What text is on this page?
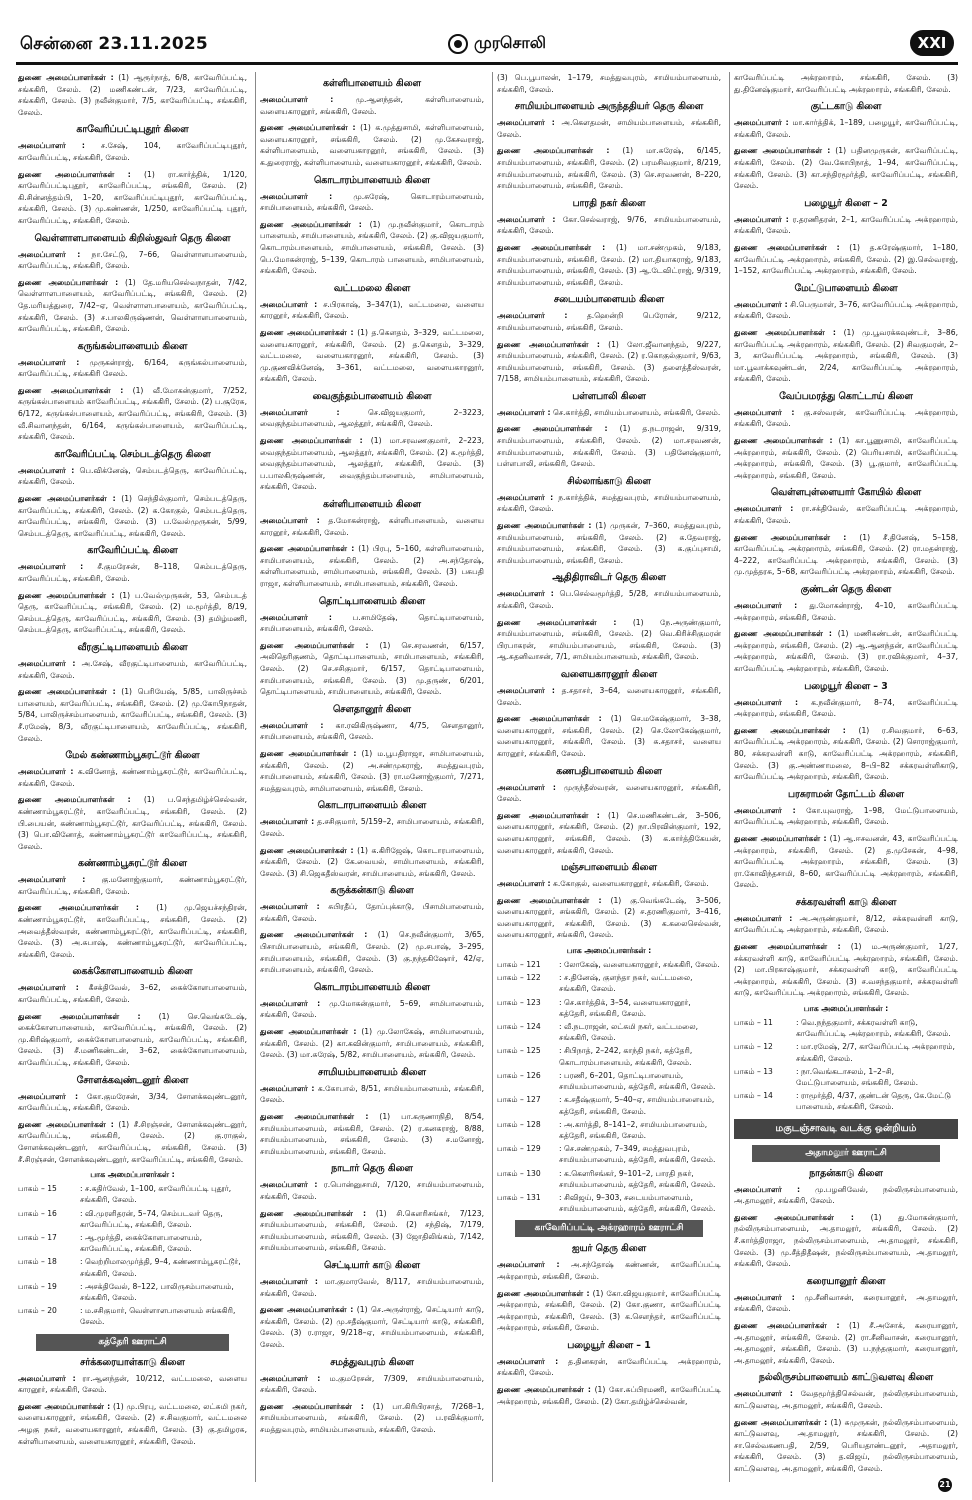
சென்னை 23.11.2025	முரசொலி	XXI

துணை அமைப்பாளர்கள் : (1) ஆரூர்நாத், 6/8, காவேரிப்பட்டி, சங்ககிரி, சேலம். (2) மணிகண்டன், 7/23, காவேரிப்பட்டி, சங்ககிரி, சேலம். (3) நவீன்குமார், 7/5, காவேரிப்பட்டி, சங்ககிரி, சேலம்.

காவேரிப்பட்டிபுதூர் கிளை

அமைப்பாளர் : ச.சேஷ், 104, காவேரிப்பட்டிபுதூர், காவேரிப்பட்டி, சங்ககிரி, சேலம்.

துணை அமைப்பாளர்கள் : (1) ரா.கார்த்திக், 1/120, காவேரிப்பட்டிபுதூர், காவேரிப்பட்டி, சங்ககிரி, சேலம். (2) கி.சின்னத்தம்பி, 1–20, காவேரிப்பட்டிபுதூர், காவேரிப்பட்டி, சங்ககிரி, சேலம். (3) மு.கண்ணன், 1/250, காவேரிப்பட்டி புதூர், காவேரிப்பட்டி, சங்ககிரி, சேலம்.

வெள்ளாளபாளையம் கிறிஸ்துவர் தெரு கிளை

அமைப்பாளர் : நா.சேட்டு, 7–66, வெள்ளாளபாளையம், காவேரிப்பட்டி, சங்ககிரி, சேலம்.

துணை அமைப்பாளர்கள் : (1) தே.மரியசெல்வநாதன், 7/42, வெள்ளாளபாளையம், காவேரிப்பட்டி, சங்ககிரி, சேலம். (2) தே.மரியத்துரை, 7/42–ஏ, வெள்ளாளபாளையம், காவேரிப்பட்டி, சங்ககிரி, சேலம். (3) ச.பாலகிருஷ்ணன், வெள்ளாளபாளையம், காவேரிப்பட்டி, சங்ககிரி, சேலம்.

கருங்கல்பாளையம் கிளை

அமைப்பாளர் : முருகன்ராஜ், 6/164, கருங்கல்பாளையம், காவேரிப்பட்டி, சங்ககிரி சேலம்.

துணை அமைப்பாளர்கள் : (1) வீ.மோகன்குமார், 7/252, கருங்கல்பாளையம் காவேரிப்பட்டி, சங்ககிரி, சேலம். (2) ப.சூரேசு, 6/172, கருங்கல்பாளையம், காவேரிப்பட்டி, சங்ககிரி, சேலம். (3) வீ.சிவானந்தன், 6/164, கருங்கல்பாளையம், காவேரிப்பட்டி, சங்ககிரி, சேலம்.

காவேரிப்பட்டி செம்படத்தெரு கிளை

அமைப்பாளர் : பெ.விக்னேஷ், செம்படத்தெரு, காவேரிப்பட்டி, சங்ககிரி, சேலம்.

துணை அமைப்பாளர்கள் : (1) செந்தில்குமார், செம்படத்தெரு, காவேரிப்பட்டி, சங்ககிரி, சேலம். (2) க.கோகுல், செம்படத்தெரு, காவேரிப்பட்டி, சங்ககிரி, சேலம். (3) ப.வேல்முருகன், 5/99, செம்படத்தெரு, காவேரிப்பட்டி, சங்ககிரி, சேலம்.

காவேரிப்பட்டி கிளை

அமைப்பாளர் : சீ.குமரேசன், 8–118, செம்படத்தெரு, காவேரிப்பட்டி, சங்ககிரி, சேலம்.

துணை அமைப்பாளர்கள் : (1) ப.வேல்முருகன், 53, செம்படத் தெரு, காவேரிப்பட்டி, சங்ககிரி, சேலம். (2) ம.மூர்த்தி, 8/19, செம்படத்தெரு, காவேரிப்பட்டி, சங்ககிரி, சேலம். (3) தமிழ்மணி, செம்படத்தெரு, காவேரிப்பட்டி, சங்ககிரி, சேலம்.

வீரகுட்டிபாளையம் கிளை

அமைப்பாளர் : அ.சேஷ், வீரகுட்டிபாளையம், காவேரிப்பட்டி, சங்ககிரி, சேலம்.

துணை அமைப்பாளர்கள் : (1) பெரியேஷ், 5/85, பாலிருச்சம் பாளையம், காவேரிப்பட்டி, சங்ககிரி, சேலம். (2) மு.கோபிநாதன், 5/84, பாலிருச்சம்பாளையம், காவேரிப்பட்டி, சங்ககிரி, சேலம். (3) சீ.ரமேஷ், 8/3, வீரகுட்டிபாளையம், காவேரிப்பட்டி, சங்ககிரி, சேலம்.

மேல் கண்ணாம்பூசுரட்டூர் கிளை

அமைப்பாளர் : க.வினோத், கண்ணாம்பூசுரட்டூர், காவேரிப்பட்டி, சங்ககிரி, சேலம்.

துணை அமைப்பாளர்கள் : (1) ப.செந்தமிழ்ச்செல்வன், கண்ணாம்பூசுரட்டூர், காவேரிப்பட்டி, சங்ககிரி, சேலம். (2) பி.பையன், கண்ணாம்பூசுரட்டூர், காவேரிப்பட்டி, சங்ககிரி, சேலம். (3) பொ.வினோத், கண்ணாம்பூசுரட்டூர் காவேரிப்பட்டி, சங்ககிரி, சேலம்.

கண்ணாம்பூசுரட்டூர் கிளை

அமைப்பாளர் : கு.மனோஜ்குமார், கண்ணாம்பூசுரட்டூர், காவேரிப்பட்டி, சங்ககிரி, சேலம்.

துணை அமைப்பாளர்கள் : (1) மு.ஜெயச்சந்திரன், கண்ணாம்பூசுரட்டூர், காவேரிப்பட்டி, சங்ககிரி, சேலம். (2) அவைத்தீஸ்வரன், கண்ணாம்பூசுரட்டூர், காவேரிப்பட்டி, சங்ககிரி, சேலம். (3) அ.சுபாஷ், கண்ணாம்பூசுரட்டூர், காவேரிப்பட்டி, சங்ககிரி, சேலம்.

கைக்கோளபாளையம் கிளை

அமைப்பாளர் : கீசக்திவேல், 3–62, கைக்கோளபாளையம், காவேரிப்பட்டி, சங்ககிரி, சேலம்.

துணை அமைப்பாளர்கள் : (1) செ.வெங்கடேஷ், கைக்கோளபாளையம், காவேரிப்பட்டி, சங்ககிரி, சேலம். (2) மு.கிரிஷ்குமார், கைக்கோளபாளையம், காவேரிப்பட்டி, சங்ககிரி, சேலம். (3) சீ.மணிகண்டன், 3–62, கைக்கோளபாளையம், காவேரிப்பட்டி, சங்ககிரி, சேலம்.

சோளக்கவுண்டனூர் கிளை

அமைப்பாளர் : கோ.குமரேசன், 3/34, சோளக்கவுண்டனூர், காவேரிப்பட்டி, சங்ககிரி, சேலம்.

துணை அமைப்பாளர்கள் : (1) சீ.சிரஞ்சன், சோளக்கவுண்டனூர், காவேரிப்பட்டி, சங்ககிரி, சேலம். (2) கு.ராகுல், சோளக்கவுண்டனூர், காவேரிப்பட்டி, சங்ககிரி, சேலம். (3) சீ.சிரஞ்சன், சோளக்கவுண்டனூர், காவேரிப்பட்டி, சங்ககிரி, சேலம்.

பாக அமைப்பாளர்கள் :
பாகம் – 15	: ச.கதிர்வேல், 1–100, காவேரிப்பட்டி புதூர், சங்ககிரி, சேலம்.
பாகம் – 16	: வி.முரளிதரன், 5–74, செம்படவர் தெரு, காவேரிப்பட்டி, சங்ககிரி, சேலம்.
பாகம் – 17	: ஆ.மூர்த்தி, கைக்கோளபாளையம், காவேரிப்பட்டி, சங்ககிரி, சேலம்.
பாகம் – 18	: வெற்றிமாலமுர்த்தி, 9–4, கண்ணாம்பூசுரட்டூர், சங்ககிரி, சேலம்.
பாகம் – 19	: அசக்திவேல், 8–122, பாலிருசம்பாளையம், சங்ககிரி, சேலம்.
பாகம் – 20	: ம.சசிகுமார், வெள்ளாளபாளையம் சங்ககிரி, சேலம்.
கத்தேரி ஊராட்சி
சர்க்கரையாள்காடு கிளை

அமைப்பாளர் : ரா.ஆனந்தன், 10/212, வட்டமலை, வளைய காரனூர், சங்ககிரி, சேலம்.

துணை அமைப்பாளர்கள் : (1) மு.பிரபு, வட்டமலை, லட்சுமி நகர், வளையகாரனூர், சங்ககிரி, சேலம். (2) ச.சிவகுமார், வட்டமலை அழகு நகர், வளையகாரனூர், சங்ககிரி, சேலம். (3) கு.தமிழரசு, கள்ளிபாளையம், வளையகாரனூர், சங்ககிரி, சேலம்.

கள்ளிபாளையம் கிளை

அமைப்பாளர் :	மு.ஆனந்தன், கள்ளிபாளையம், வளையகாரனூர், சங்ககிரி, சேலம்.

துணை அமைப்பாளர்கள் : (1) க.முத்துசாமி, கள்ளிபாளையம், வளையகாரனூர், சங்ககிரி, சேலம். (2) மு.கேசவராஜ், கள்ளிபாளையம், வளையகாரனூர், சங்ககிரி, சேலம். (3) க.துரைராஜ், கள்ளிபாளையம், வளையகாரனூர், சங்ககிரி, சேலம்.

கொடாரம்பாளையம் கிளை

அமைப்பாளர் :	மு.சுரேஷ், கொடாரம்பாளையம், சாமிபாளையம், சங்ககிரி, சேலம்.

துணை அமைப்பாளர்கள் : (1) மு.நவீன்குமார், கொடாரம் பாளையம், சாமிபாளையம், சங்ககிரி, சேலம். (2) கு.விஜயகுமார், கொடாரம்பாளையம், சாமிபாளையம், சங்ககிரி, சேலம். (3) பெ.மோகன்ராஜ், 5–139, கொடாரம் பாளையம், சாமிபாளையம், சங்ககிரி, சேலம்.

வட்டமலை கிளை

அமைப்பாளர் : ச.பிரகாஷ், 3–347(1), வட்டமலை, வளைய காரனூர், சங்ககிரி, சேலம்.

துணை அமைப்பாளர்கள் : (1) த.கௌதம், 3–329, வட்டமலை, வளையகாரனூர், சங்ககிரி, சேலம். (2) த.கௌதம், 3–329, வட்டமலை, வளையகாரனூர், சங்ககிரி, சேலம். (3) மு.குணவிக்னேஷ், 3–361, வட்டமலை, வளையகாரனூர், சங்ககிரி, சேலம்.

வைகுந்தம்பாளையம் கிளை

அமைப்பாளர் :	செ.விஜயகுமார், 2–3223, வைகுந்தம்பாளையம், ஆலத்தூர், சங்ககிரி, சேலம்.

துணை அமைப்பாளர்கள் : (1) மா.சரவணகுமார், 2–223, வைகுந்தம்பாளையம், ஆலத்தூர், சங்ககிரி, சேலம். (2) க.மூர்த்தி, வைகுந்தம்பாளையம், ஆலத்தூர், சங்ககிரி, சேலம். (3) ப.பாலகிருஷ்ணன், வைகுந்தம்பாளையம், சாமிபாளையம், சங்ககிரி, சேலம்.

கள்ளிபாளையம் கிளை

அமைப்பாளர் : த.மோகன்ராஜ், கள்ளிபாளையம், வளைய காரனூர், சங்ககிரி, சேலம்.

துணை அமைப்பாளர்கள் : (1) பிரபு, 5–160, கள்ளிபாளையம், சாமிபாளையம், சங்ககிரி, சேலம். (2) அ.சந்தோஷ், கள்ளிபாளையம், சாமிபாளையம், சங்ககிரி, சேலம். (3) பசுபதி ராஜா, கள்ளிபாளையம், சாமிபாளையம், சங்ககிரி, சேலம்.

தொட்டிபாளையம் கிளை

அமைப்பாளர் :	ப.சாமிதேஷ், தொட்டிபாளையம், சாமிபாளையம், சங்ககிரி, சேலம்.

துணை அமைப்பாளர்கள் : (1) செ.சரவணன், 6/157, அலிதெரிகுணம், தொட்டிபாளையம், சாமிபாளையம், சங்ககிரி, சேலம். (2) செ.சசிகுமார், 6/157, தொட்டிபாளையம், சாமிபாளையம், சங்ககிரி, சேலம். (3) மு.தருண், 6/201, தொட்டிபாளையம், சாமிபாளையம், சங்ககிரி, சேலம்.

சௌதானூர் கிளை

அமைப்பாளர் : கா.ரவிகிருஷ்ணா, 4/75, சௌதானூர், சாமிபாளையம், சங்ககிரி, சேலம்.

துணை அமைப்பாளர்கள் : (1) ம.பூபதிராஜா, சாமிபாளையம், சங்ககிரி, சேலம். (2) அ.சண்முகராஜ், சமத்துவபுரம், சாமிபாளையம், சங்ககிரி, சேலம். (3) ரா.மனோஜ்குமார், 7/271, சமத்துவபுரம், சாமிபாளையம், சங்ககிரி, சேலம்.

கொடாரபாளையம் கிளை

அமைப்பாளர் : த.சசிகுமார், 5/159–2, சாமிபாளையம், சங்ககிரி, சேலம்.

துணை அமைப்பாளர்கள் : (1) க.கிரிஜேஷ், கொடாரபாளையம், சங்ககிரி, சேலம். (2) கே.வையல், சாமிபாளையம், சங்ககிரி, சேலம். (3) சி.ஜெகதீஸ்வரன், சாமிபாளையம், சங்ககிரி, சேலம்.

கருக்கன்காடு கிளை

அமைப்பாளர் : சுபிரதீப், தோப்புக்காடு, பிசாமிபாளையம், சங்ககிரி, சேலம்.

துணை அமைப்பாளர்கள் : (1) செ.நவீன்குமார், 3/65, பிசாமிபாளையம், சங்ககிரி, சேலம். (2) மு.சபாஷ், 3–295, சாமிபாளையம், சங்ககிரி, சேலம். (3) கு.நந்தகிஷோர், 42/ஏ, சாமிபாளையம், சங்ககிரி, சேலம்.

கொடாரம்பாளையம் கிளை

அமைப்பாளர் : மு.மோகன்குமார், 5–69, சாமிபாளையம், சங்ககிரி, சேலம்.

துணை அமைப்பாளர்கள் : (1) மு.லோகேஷ், சாமிபாளையம், சங்ககிரி, சேலம். (2) கா.கவின்குமார், சாமிபாளையம், சங்ககிரி, சேலம். (3) மா.சுரேஷ், 5/82, சாமிபாளையம், சங்ககிரி, சேலம்.

சாமியம்பாளையம் கிளை

அமைப்பாளர் : க.கோபால், 8/51, சாமியம்பாளையம், சங்ககிரி, சேலம்.

துணை அமைப்பாளர்கள் : (1) பா.கருணாநிதி, 8/54, சாமியம்பாளையம், சங்ககிரி, சேலம். (2) ர.கனகராஜ், 8/88, சாமியம்பாளையம், சங்ககிரி, சேலம். (3) ச.மனோஜ், சாமியம்பாளையம், சங்ககிரி, சேலம்.

நாடார் தெரு கிளை

அமைப்பாளர் : ர.பொன்னுசாமி, 7/120, சாமியம்பாளையம், சங்ககிரி, சேலம்.

துணை அமைப்பாளர்கள் : (1) சி.கௌரிசங்கர், 7/123, சாமியம்பாளையம், சங்ககிரி, சேலம். (2) சந்திஷ், 7/179, சாமியம்பாளையம், சங்ககிரி, சேலம். (3) ஜோதிலிங்கம், 7/142, சாமியம்பாளையம், சங்ககிரி, சேலம்.

செட்டியார் காடு கிளை

அமைப்பாளர் : மா.குமாரவேல், 8/117, சாமியம்பாளையம், சங்ககிரி, சேலம்.

துணை அமைப்பாளர்கள் : (1) செ.அருள்ராஜ், செட்டியார் காடு, சங்ககிரி, சேலம். (2) மு.சதீஷ்குமார், செட்டியார் காடு, சங்ககிரி, சேலம். (3) ர.ராஜா, 9/218–ஏ, சாமியம்பாளையம், சங்ககிரி, சேலம்.

சமத்துவபுரம் கிளை

அமைப்பாளர் : ம.குமரேசன், 7/309, சாமியம்பாளையம், சங்ககிரி, சேலம்.

துணை அமைப்பாளர்கள் : (1) பா.கிரிபிரசாத், 7/268–1, சாமியம்பாளையம், சங்ககிரி, சேலம். (2) ப.ரவிக்குமார், சமத்துவபுரம், சாமியம்பாளையம், சங்ககிரி, சேலம்.

(3) பெ.பூபாலன், 1–179, சமத்துவபுரம், சாமியம்பாளையம், சங்ககிரி, சேலம்.

சாமியம்பாளையம் அருந்ததியர் தெரு கிளை

அமைப்பாளர் : அ.கௌதமன், சாமியம்பாளையம், சங்ககிரி, சேலம்.

துணை அமைப்பாளர்கள் : (1) மா.சுரேஷ், 6/145, சாமியம்பாளையம், சங்ககிரி, சேலம். (2) பரமசிவகுமார், 8/219, சாமியம்பாளையம், சங்ககிரி, சேலம். (3) செ.சரவணன், 8–220, சாமியம்பாளையம், சங்ககிரி, சேலம்.

பாரதி நகர் கிளை

அமைப்பாளர் : கோ.செல்வராஜ், 9/76, சாமியம்பாளையம், சங்ககிரி, சேலம்.

துணை அமைப்பாளர்கள் : (1) மா.சண்முகம், 9/183, சாமியம்பாளையம், சங்ககிரி, சேலம். (2) மா.தியாகராஜ், 9/183, சாமியம்பாளையம், சங்ககிரி, சேலம். (3) ஆ.டேவிட்ராஜ், 9/319, சாமியம்பாளையம், சங்ககிரி, சேலம்.

சடையம்பாளையம் கிளை

அமைப்பாளர் :	த.ஹென்றி பெரோன், 9/212, சாமியம்பாளையம், சங்ககிரி, சேலம்.

துணை அமைப்பாளர்கள் : (1) லோ.ஜீவானந்தம், 9/227, சாமியம்பாளையம், சங்ககிரி, சேலம். (2) ர.கொகுல்குமார், 9/63, சாமியம்பாளையம், சங்ககிரி, சேலம். (3) தளைத்தீஸ்வரன், 7/158, சாமியம்பாளையம், சங்ககிரி, சேலம்.

பள்ளபாலி கிளை

அமைப்பாளர் : செ.கார்த்தி, சாமியம்பாளையம், சங்ககிரி, சேலம்.

துணை அமைப்பாளர்கள் : (1) த.நடராஜன், 9/319, சாமியம்பாளையம், சங்ககிரி, சேலம். (2) மா.சரவணன், சாமியம்பாளையம், சங்ககிரி, சேலம். (3) பதினேஷ்குமார், பள்ளபாலி, சங்ககிரி, சேலம்.

சில்லாங்காடு கிளை

அமைப்பாளர் : ந.கார்த்திக், சமத்துவபுரம், சாமியம்பாளையம், சங்ககிரி, சேலம்.

துணை அமைப்பாளர்கள் : (1) முருகன், 7–360, சமத்துவபுரம், சாமியம்பாளையம், சங்ககிரி, சேலம். (2) க.தேவராஜ், சாமியம்பாளையம், சங்ககிரி, சேலம். (3) க.குப்புசாமி, சாமியம்பாளையம், சங்ககிரி, சேலம்.

ஆதிதிராவிடர் தெரு கிளை

அமைப்பாளர் : பெ.செல்வமூர்த்தி, 5/28, சாமியம்பாளையம், சங்ககிரி, சேலம்.

துணை அமைப்பாளர்கள் : (1) நே.அருண்குமார், சாமியம்பாளையம், சங்ககிரி, சேலம். (2) வெ.கிரிச்சிகுமரன் பிரபாகரன், சாமியம்பாளையம், சங்ககிரி, சேலம். (3) ஆ.சுதனிவாசன், 7/1, சாமியம்பாளையம், சங்ககிரி, சேலம்.

வளையகாரனூர் கிளை

அமைப்பாளர் : த.சதாசர், 3–64, வளையகாரனூர், சங்ககிரி, சேலம்.

துணை அமைப்பாளர்கள் : (1) செ.மகேஷ்குமார், 3–38, வளையகாரனூர், சங்ககிரி, சேலம். (2) செ.லோகேஷ்குமார், வளையகாரனூர், சங்ககிரி, சேலம். (3) சு.சதாசர், வளைய காரனூர், சங்ககிரி, சேலம்.

கணபதிபாளையம் கிளை

அமைப்பாளர் : முருந்தீஸ்வரன், வளையகாரனூர், சங்ககிரி, சேலம்.

துணை அமைப்பாளர்கள் : (1) செ.மணிகண்டன், 3–506, வளையகாரனூர், சங்ககிரி, சேலம். (2) நா.பிரவின்குமார், 192, வளையகாரனூர், சங்ககிரி, சேலம். (3) க.கார்த்திகேயன், வளையகாரனூர், சங்ககிரி, சேலம்.

மஞ்சபாளையம் கிளை

அமைப்பாளர் : சு.கோகுல், வளையகாரனூர், சங்ககிரி, சேலம்.

துணை அமைப்பாளர்கள் : (1) கு.வெங்கடேஷ், 3–506, வளையகாரனூர், சங்ககிரி, சேலம். (2) ச.தரணிகுமார், 3–416, வளையகாரனூர், சங்ககிரி, சேலம். (3) க.கலைசெல்வன், வளையகாரனூர், சங்ககிரி, சேலம்.

பாக அமைப்பாளர்கள் :
பாகம் – 121	: லோகேஷ், வளையகாரனூர், சங்ககிரி, சேலம்.
பாகம் – 122	: ச.தினேஷ், குளந்தா நகர், வட்டமலை, சங்ககிரி, சேலம்.
பாகம் – 123	: செ.கார்த்திக், 3–54, வளையகாரனூர், கத்தேரி, சங்ககிரி, சேலம்.
பாகம் – 124	: வீ.நடராஜன், லட்சுமி நகர், வட்டமலை, சங்ககிரி, சேலம்.
பாகம் – 125	: சிபிநாத், 2–242, காந்தி நகர், கத்தேரி, கொடாரம்பாளையம், சங்ககிரி, சேலம்.
பாகம் – 126	: பரணி, 6–201, தொட்டிபாளையம், சாமியம்பாளையம், கத்தேரி, சங்ககிரி, சேலம்.
பாகம் – 127	: க.சதீஷ்குமார், 5–40–ஏ, சாமியம்பாளையம், கத்தேரி, சங்ககிரி, சேலம்.
பாகம் – 128	: அ.கார்த்தி, 8–141–2, சாமியம்பாளையம், கத்தேரி, சங்ககிரி, சேலம்.
பாகம் – 129	: செ.சண்முகம், 7–349, சமத்துவபுரம், சாமியம்பாளையம், கத்தேரி, சங்ககிரி, சேலம்.
பாகம் – 130	: க.கௌரிசங்கர், 9–101–2, பாரதி நகர், சாமியம்பாளையம், கத்தேரி, சங்ககிரி, சேலம்.
பாகம் – 131	: சிவிஜய், 9–303, சடையம்பாளையம், சாமியம்பாளையம், கத்தேரி, சங்ககிரி, சேலம்.
காவேரிப்பட்டி அக்ரஹாரம் ஊராட்சி
ஐயர் தெரு கிளை

அமைப்பாளர் : அ.சந்தோஷ் கண்ணன், காவேரிப்பட்டி அக்ரஹாரம், சங்ககிரி, சேலம்.

துணை அமைப்பாளர்கள் : (1) கோ.விஜயகுமார், காவேரிப்பட்டி அக்ரஹாரம், சங்ககிரி, சேலம். (2) கோ.குணா, காவேரிப்பட்டி அக்ரஹாரம், சங்ககிரி, சேலம். (3) க.சௌந்தர், காவேரிப்பட்டி அக்ரஹாரம், சங்ககிரி, சேலம்.

பழையூர் கிளை – 1

அமைப்பாளர் : த.தினகரன், காவேரிப்பட்டி அக்ரஹாரம், சங்ககிரி, சேலம்.

துணை அமைப்பாளர்கள் : (1) கோ.சுப்பிரமணி, காவேரிப்பட்டி அக்ரஹாரம், சங்ககிரி, சேலம். (2) கோ.தமிழ்ச்செல்வன்,

காவேரிப்பட்டி அக்ரஹாரம், சங்ககிரி, சேலம். (3) து.தினேஷ்குமார், காவேரிப்பட்டி அக்ரஹாரம், சங்ககிரி, சேலம்.

குட்டகாடு கிளை

அமைப்பாளர் : மா.கார்த்திக், 1–189, பழையூர், காவேரிப்பட்டி, சங்ககிரி, சேலம்.

துணை அமைப்பாளர்கள் : (1) பதினமுருகன், காவேரிப்பட்டி, சங்ககிரி, சேலம். (2) வே.கோபிநாத், 1–94, காவேரிப்பட்டி, சங்ககிரி, சேலம். (3) கா.சந்திரமூர்த்தி, காவேரிப்பட்டி, சங்ககிரி, சேலம்.

பழையூர் கிளை – 2

அமைப்பாளர் : ர.தரணிதரன், 2–1, காவேரிப்பட்டி அக்ரஹாரம், சங்ககிரி, சேலம்.

துணை அமைப்பாளர்கள் : (1) த.சுரேஷ்குமார், 1–180, காவேரிப்பட்டி அக்ரஹாரம், சங்ககிரி, சேலம். (2) இ.செல்வராஜ், 1–152, காவேரிப்பட்டி அக்ரஹாரம், சங்ககிரி, சேலம்.

மேட்டுபாளையம் கிளை

அமைப்பாளர் : சி.பெருமாள், 3–76, காவேரிப்பட்டி அக்ரஹாரம், சங்ககிரி, சேலம்.

துணை அமைப்பாளர்கள் : (1) மு.பூவரக்கவுண்டர், 3–86, காவேரிப்பட்டி அக்ரஹாரம், சங்ககிரி, சேலம். (2) சிவகுமரன், 2–3, காவேரிப்பட்டி அக்ரஹாரம், சங்ககிரி, சேலம். (3) மா.பூவாக்கவுண்டன், 2/24, காவேரிப்பட்டி அக்ரஹாரம், சங்ககிரி, சேலம்.

வேப்பமரத்து கொட்டாய் கிளை

அமைப்பாளர் : கு.சஸ்வரன், காவேரிப்பட்டி அக்ரஹாரம், சங்ககிரி, சேலம்.

துணை அமைப்பாளர்கள் : (1) கா.பூணுசாமி, காவேரிப்பட்டி அக்ரஹாரம், சங்ககிரி, சேலம். (2) பெரியசாமி, காவேரிப்பட்டி அக்ரஹாரம், சங்ககிரி, சேலம். (3) பூ.குமார், காவேரிப்பட்டி அக்ரஹாரம், சங்ககிரி, சேலம்.

வெள்ளபுள்ளையார் கோயில் கிளை

அமைப்பாளர் : ரா.சக்திவேல், காவேரிப்பட்டி அக்ரஹாரம், சங்ககிரி, சேலம்.

துணை அமைப்பாளர்கள் : (1) சீ.தினேஷ், 5–158, காவேரிப்பட்டி அக்ரஹாரம், சங்ககிரி, சேலம். (2) ரா.மதன்ராஜ், 4–222, காவேரிப்பட்டி அக்ரஹாரம், சங்ககிரி, சேலம். (3) மு.முத்தரசு, 5–68, காவேரிப்பட்டி அக்ரஹாரம், சங்ககிரி, சேலம்.

குண்டன் தெரு கிளை

அமைப்பாளர் : து.மோகன்ராஜ், 4–10, காவேரிப்பட்டி அக்ரஹாரம், சங்ககிரி, சேலம்.

துணை அமைப்பாளர்கள் : (1) மணிகண்டன், காவேரிப்பட்டி அக்ரஹாரம், சங்ககிரி, சேலம். (2) ஆ.ஆனந்தன், காவேரிப்பட்டி அக்ரஹாரம், சங்ககிரி, சேலம். (3) ரா.ரவிக்குமார், 4–37, காவேரிப்பட்டி அக்ரஹாரம், சங்ககிரி, சேலம்.

பழையூர் கிளை – 3

அமைப்பாளர் : க.நவீன்குமார், 8–74, காவேரிப்பட்டி அக்ரஹாரம், சங்ககிரி, சேலம்.

துணை அமைப்பாளர்கள் : (1) ர.சிவகுமார், 6–63, காவேரிப்பட்டி அக்ரஹாரம், சங்ககிரி, சேலம். (2) சொராஜ்குமார், 80, சக்கரவள்ளி காடு, காவேரிப்பட்டி அக்ரஹாரம், சங்ககிரி, சேலம். (3) கு.அண்ணாமலை, 8–பி–82 சக்கரவள்ளிகாடு, காவேரிப்பட்டி அக்ரஹாரம், சங்ககிரி, சேலம்.

பரசுராமன் தோட்டம் கிளை

அமைப்பாளர் : கோ.யுவராஜ், 1–98, மேட்டுபாளையம், காவேரிப்பட்டி அக்ரஹாரம், சங்ககிரி, சேலம்.

துணை அமைப்பாளர்கள் : (1) ஆ.ஈசவனன், 43, காவேரிப்பட்டி அக்ரஹாரம், சங்ககிரி, சேலம். (2) த.முசேகன், 4–98, காவேரிப்பட்டி அக்ரஹாரம், சங்ககிரி, சேலம். (3) ரா.கோவிந்தசாமி, 8–60, காவேரிப்பட்டி அக்ரஹாரம், சங்ககிரி, சேலம்.

சக்கரவள்ளி காடு கிளை

அமைப்பாளர் : அ.அருண்குமார், 8/12, சக்கரவள்ளி காடு, காவேரிப்பட்டி அக்ரஹாரம், சங்ககிரி, சேலம்.

துணை அமைப்பாளர்கள் : (1) ம.அருண்குமார், 1/27, சக்கரவள்ளி காடு, காவேரிப்பட்டி அக்ரஹாரம், சங்ககிரி, சேலம். (2) மா.பிரகாஷ்குமார், சக்கரவள்ளி காடு, காவேரிப்பட்டி அக்ரஹாரம், சங்ககிரி, சேலம். (3) ச.வசந்தகுமார், சக்கரவள்ளி காடு, காவேரிப்பட்டி அக்ரஹாரம், சங்ககிரி, சேலம்.

பாக அமைப்பாளர்கள் :
பாகம் – 11	: வெ.நந்தகுமார், சக்கரவள்ளி காடு, காவேரிப்பட்டி அக்ரஹாரம், சங்ககிரி, சேலம்.
பாகம் – 12	: மா.ரமேஷ், 2/7, காவேரிப்பட்டி அக்ரஹாரம், சங்ககிரி, சேலம்.
பாகம் – 13	: நா.வெங்கடாசலம், 1–2–சி, மேட்டுபாளையம், சங்ககிரி, சேலம்.
பாகம் – 14	: ராமூர்த்தி, 4/37, குண்டன் தெரு, கே.மேட்டு பாளையம், சங்ககிரி, சேலம்.
மகுடஞ்சாவடி வடக்கு ஒன்றியம்
அதாமலூர் ஊராட்சி
நாதன்காடு கிளை

அமைப்பாளர் : மு.பழனிவேல், நல்லிருசம்பாளையம், அ.தாமலூர், சங்ககிரி, சேலம்.

துணை அமைப்பாளர்கள் : (1) து.மோகன்குமார், நல்லிருசம்பாளையம், அ.தாமலூர், சங்ககிரி, சேலம். (2) சீ.கார்த்திராஜா, நல்லிருசம்பாளையம், அ.தாமலூர், சங்ககிரி, சேலம். (3) மு.சீத்திதீஷன், நல்லிருசம்பாளையம், அ.தாமலூர், சங்ககிரி, சேலம்.

கரையானூர் கிளை

அமைப்பாளர் : மு.சீனிவாசன், கரையானூர், அ.தாமலூர், சங்ககிரி, சேலம்.

துணை அமைப்பாளர்கள் : (1) சீ.அசோக், கரையானூர், அ.தாமலூர், சங்ககிரி, சேலம். (2) ரா.சீனிவாசன், கரையானூர், அ.தாமலூர், சங்ககிரி, சேலம். (3) ப.நந்தகுமார், கரையானூர், அ.தாமலூர், சங்ககிரி, சேலம்.

நல்லிருசம்பாளையம் காட்டுவளவு கிளை

அமைப்பாளர் : வேதமூர்த்திசெல்வன், நல்லிருசம்பாளையம், காட்டுவளவு, அ.தாமலூர், சங்ககிரி, சேலம்.

துணை அமைப்பாளர்கள் : (1) சுமுருகன், நல்லிருசம்பாளையம், காட்டுவளவு, அ.தாமலூர், சங்ககிரி, சேலம். (2) சா.செல்வகணபதி, 2/59, பெரியதாண்டனூர், அதாமலூர், சங்ககிரி, சேலம். (3) த.விஜய், நல்லிருசம்பாளையம், காட்டுவளவு, அ.தாமலூர், சங்ககிரி, சேலம்.

21
